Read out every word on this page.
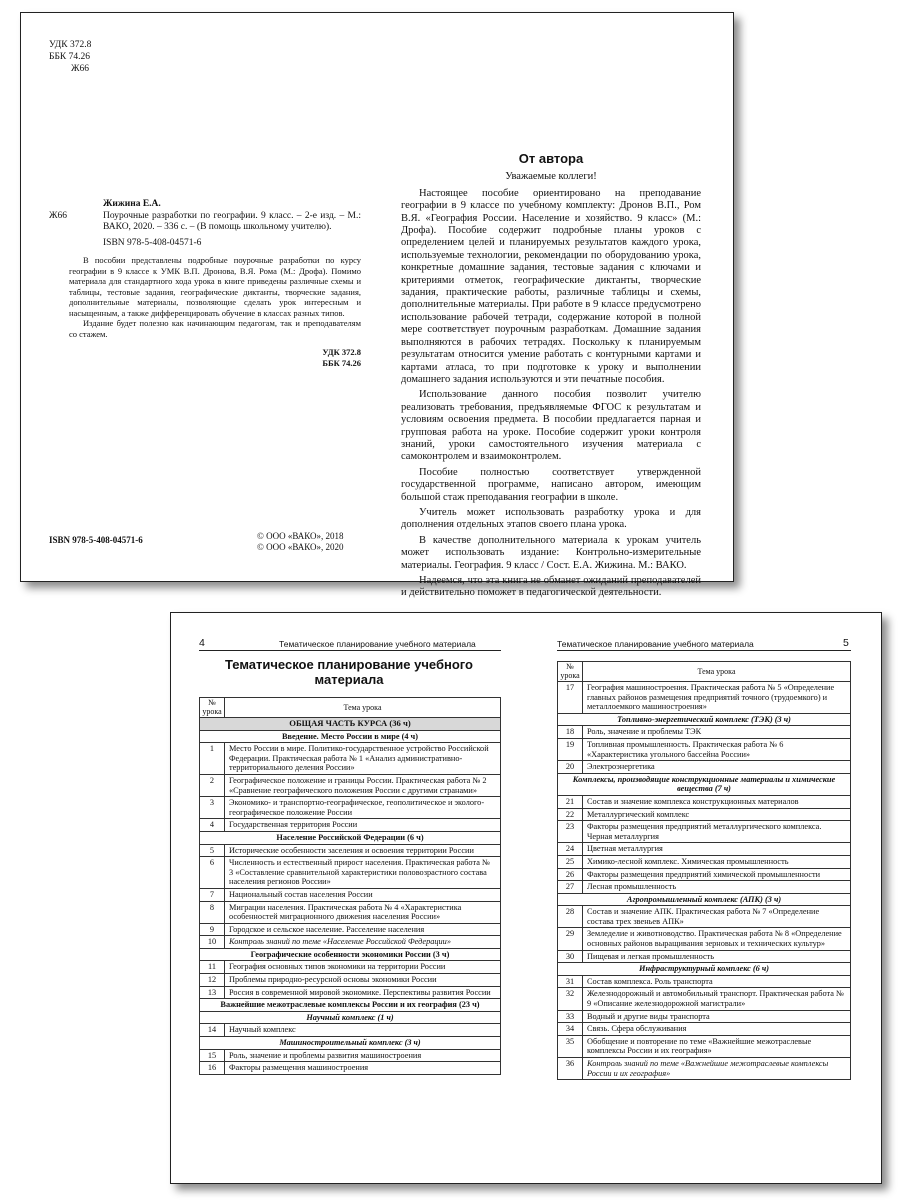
УДК 372.8
ББК 74.26
Ж66
Жижина Е.А.
Ж66	Поурочные разработки по географии. 9 класс. – 2-е изд. – М.: ВАКО, 2020. – 336 с. – (В помощь школьному учителю).
ISBN 978-5-408-04571-6

В пособии представлены подробные поурочные разработки по курсу географии в 9 классе к УМК В.П. Дронова, В.Я. Рома (М.: Дрофа). Помимо материала для стандартного хода урока в книге приведены различные схемы и таблицы, тестовые задания, географические диктанты, творческие задания, дополнительные материалы, позволяющие сделать урок интересным и насыщенным, а также дифференцировать обучение в классах разных типов.

Издание будет полезно как начинающим педагогам, так и преподавателям со стажем.

УДК 372.8
ББК 74.26
ISBN 978-5-408-04571-6	© ООО «ВАКО», 2018
© ООО «ВАКО», 2020
От автора
Уважаемые коллеги!

Настоящее пособие ориентировано на преподавание географии в 9 классе по учебному комплекту: Дронов В.П., Ром В.Я. «География России. Население и хозяйство. 9 класс» (М.: Дрофа). Пособие содержит подробные планы уроков с определением целей и планируемых результатов каждого урока, используемые технологии, рекомендации по оборудованию урока, конкретные домашние задания, тестовые задания с ключами и критериями отметок, географические диктанты, творческие задания, практические работы, различные таблицы и схемы, дополнительные материалы. При работе в 9 классе предусмотрено использование рабочей тетради, содержание которой в полной мере соответствует поурочным разработкам. Домашние задания выполняются в рабочих тетрадях. Поскольку к планируемым результатам относится умение работать с контурными картами и картами атласа, то при подготовке к уроку и выполнении домашнего задания используются и эти печатные пособия.

Использование данного пособия позволит учителю реализовать требования, предъявляемые ФГОС к результатам и условиям освоения предмета. В пособии предлагается парная и групповая работа на уроке. Пособие содержит уроки контроля знаний, уроки самостоятельного изучения материала с самоконтролем и взаимоконтролем.

Пособие полностью соответствует утвержденной государственной программе, написано автором, имеющим большой стаж преподавания географии в школе.

Учитель может использовать разработку урока и для дополнения отдельных этапов своего плана урока.

В качестве дополнительного материала к урокам учитель может использовать издание: Контрольно-измерительные материалы. География. 9 класс / Сост. Е.А. Жижина. М.: ВАКО.

Надеемся, что эта книга не обманет ожиданий преподавателей и действительно поможет в педагогической деятельности.

4	Тематическое планирование учебного материала	Тематическое планирование учебного материала	5
Тематическое планирование учебного материала
№ урока	Тема урока
ОБЩАЯ ЧАСТЬ КУРСА (36 ч)	
Введение. Место России в мире (4 ч)	
1	Место России в мире. Политико-государственное устройство Российской Федерации. Практическая работа № 1 «Анализ административно-территориального деления России»
2	Географическое положение и границы России. Практическая работа № 2 «Сравнение географического положения России с другими странами»
3	Экономико- и транспортно-географическое, геополитическое и эколого-географическое положение России
4	Государственная территория России
Население Российской Федерации (6 ч)	
5	Исторические особенности заселения и освоения территории России
6	Численность и естественный прирост населения. Практическая работа № 3 «Составление сравнительной характеристики половозрастного состава населения регионов России»
7	Национальный состав населения России
8	Миграции населения. Практическая работа № 4 «Характеристика особенностей миграционного движения населения России»
9	Городское и сельское население. Расселение населения
10	Контроль знаний по теме «Население Российской Федерации»
Географические особенности экономики России (3 ч)	
11	География основных типов экономики на территории России
12	Проблемы природно-ресурсной основы экономики России
13	Россия в современной мировой экономике. Перспективы развития России
Важнейшие межотраслевые комплексы России и их география (23 ч)	
Научный комплекс (1 ч)	
14	Научный комплекс
Машиностроительный комплекс (3 ч)	
15	Роль, значение и проблемы развития машиностроения
16	Факторы размещения машиностроения
№ урока	Тема урока
17	География машиностроения. Практическая работа № 5 «Определение главных районов размещения предприятий точного (трудоемкого) и металлоемкого машиностроения»
Топливно-энергетический комплекс (ТЭК) (3 ч)	
18	Роль, значение и проблемы ТЭК
19	Топливная промышленность. Практическая работа № 6 «Характеристика угольного бассейна России»
20	Электроэнергетика
Комплексы, производящие конструкционные материалы и химические вещества (7 ч)	
21	Состав и значение комплекса конструкционных материалов
22	Металлургический комплекс
23	Факторы размещения предприятий металлургического комплекса. Черная металлургия
24	Цветная металлургия
25	Химико-лесной комплекс. Химическая промышленность
26	Факторы размещения предприятий химической промышленности
27	Лесная промышленность
Агропромышленный комплекс (АПК) (3 ч)	
28	Состав и значение АПК. Практическая работа № 7 «Определение состава трех звеньев АПК»
29	Земледелие и животноводство. Практическая работа № 8 «Определение основных районов выращивания зерновых и технических культур»
30	Пищевая и легкая промышленность
Инфраструктурный комплекс (6 ч)	
31	Состав комплекса. Роль транспорта
32	Железнодорожный и автомобильный транспорт. Практическая работа № 9 «Описание железнодорожной магистрали»
33	Водный и другие виды транспорта
34	Связь. Сфера обслуживания
35	Обобщение и повторение по теме «Важнейшие межотраслевые комплексы России и их география»
36	Контроль знаний по теме «Важнейшие межотраслевые комплексы России и их география»
